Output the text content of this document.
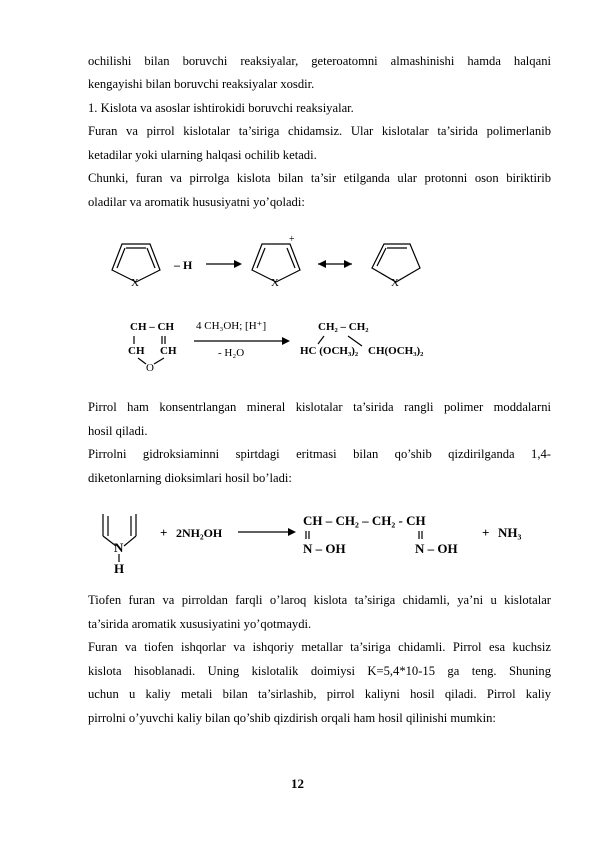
ochilishi bilan boruvchi reaksiyalar, geteroatomni almashinishi hamda halqani
kengayishi bilan boruvchi reaksiyalar xosdir.
1. Kislota va asoslar ishtirokidi boruvchi reaksiyalar.
Furan va pirrol kislotalar ta’siriga chidamsiz. Ular kislotalar ta’sirida polimerlanib
ketadilar yoki ularning halqasi ochilib ketadi.
Chunki, furan va pirrolga kislota bilan ta’sir etilganda ular protonni oson biriktirib
oladilar va aromatik hususiyatni yo’qoladi:
X
– H
+
X	X
CH – CH
CH CH
O
4 CH₃OH; [H⁺]
- H₂O
CH₂ – CH₂
HC (OCH₃)₂ CH(OCH₃)₂
Pirrol ham konsentrlangan mineral kislotalar ta’sirida rangli polimer moddalarni
hosil qiladi.
Pirrolni gidroksiaminni spirtdagi eritmasi bilan qo’shib qizdirilganda 1,4-
diketonlarning dioksimlari hosil bo’ladi:
N
H
+ 2NH₂OH
CH – CH₂ – CH₂ - CH
N – OH	N – OH
+ NH₃
Tiofen furan va pirroldan farqli o’laroq kislota ta’siriga chidamli, ya’ni u kislotalar
ta’sirida aromatik xususiyatini yo’qotmaydi.
Furan va tiofen ishqorlar va ishqoriy metallar ta’siriga chidamli. Pirrol esa kuchsiz
kislota hisoblanadi. Uning kislotalik doimiysi K=5,4*10-15 ga teng. Shuning
uchun u kaliy metali bilan ta’sirlashib, pirrol kaliyni hosil qiladi. Pirrol kaliy
pirrolni o’yuvchi kaliy bilan qo’shib qizdirish orqali ham hosil qilinishi mumkin:
12
